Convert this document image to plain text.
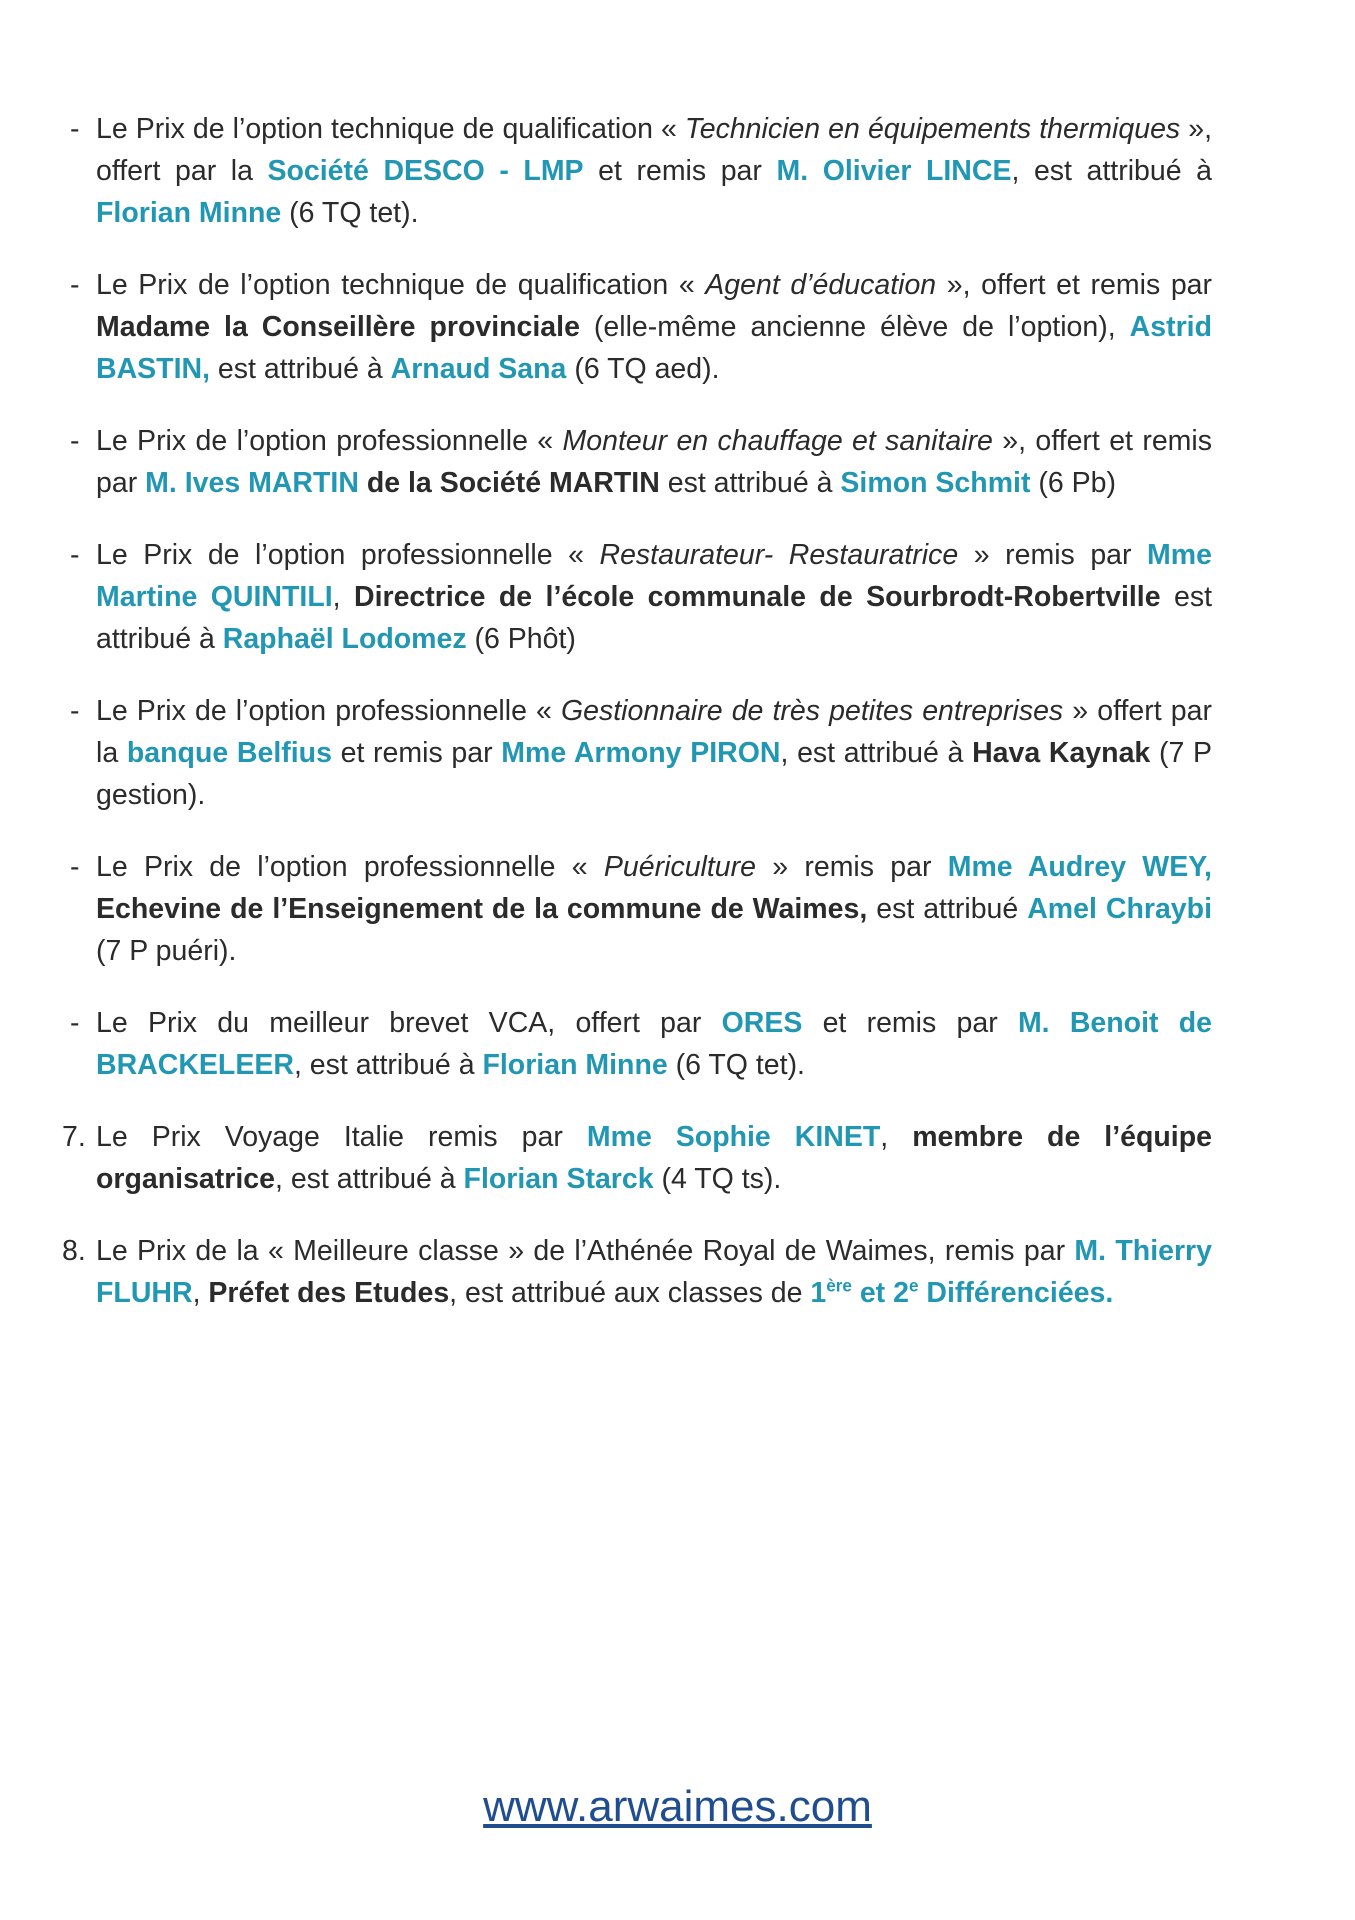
- Le Prix de l’option technique de qualification « Technicien en équipements thermiques », offert par la Société DESCO - LMP et remis par M. Olivier LINCE, est attribué à Florian Minne (6 TQ tet).
- Le Prix de l’option technique de qualification « Agent d’éducation », offert et remis par Madame la Conseillère provinciale (elle-même ancienne élève de l’option), Astrid BASTIN, est attribué à Arnaud Sana (6 TQ aed).
- Le Prix de l’option professionnelle « Monteur en chauffage et sanitaire », offert et remis par M. Ives MARTIN de la Société MARTIN est attribué à Simon Schmit (6 Pb)
- Le Prix de l’option professionnelle « Restaurateur- Restauratrice » remis par Mme Martine QUINTILI, Directrice de l’école communale de Sourbrodt-Robertville est attribué à Raphaël Lodomez (6 Phôt)
- Le Prix de l’option professionnelle « Gestionnaire de très petites entreprises » offert par la banque Belfius et remis par Mme Armony PIRON, est attribué à Hava Kaynak (7 P gestion).
- Le Prix de l’option professionnelle « Puériculture » remis par Mme Audrey WEY, Echevine de l’Enseignement de la commune de Waimes, est attribué Amel Chraybi (7 P puéri).
- Le Prix du meilleur brevet VCA, offert par ORES et remis par M. Benoit de BRACKELEER, est attribué à Florian Minne (6 TQ tet).
7. Le Prix Voyage Italie remis par Mme Sophie KINET, membre de l’équipe organisatrice, est attribué à Florian Starck (4 TQ ts).
8. Le Prix de la « Meilleure classe » de l’Athénée Royal de Waimes, remis par M. Thierry FLUHR, Préfet des Etudes, est attribué aux classes de 1ère et 2e Différenciées.
www.arwaimes.com
